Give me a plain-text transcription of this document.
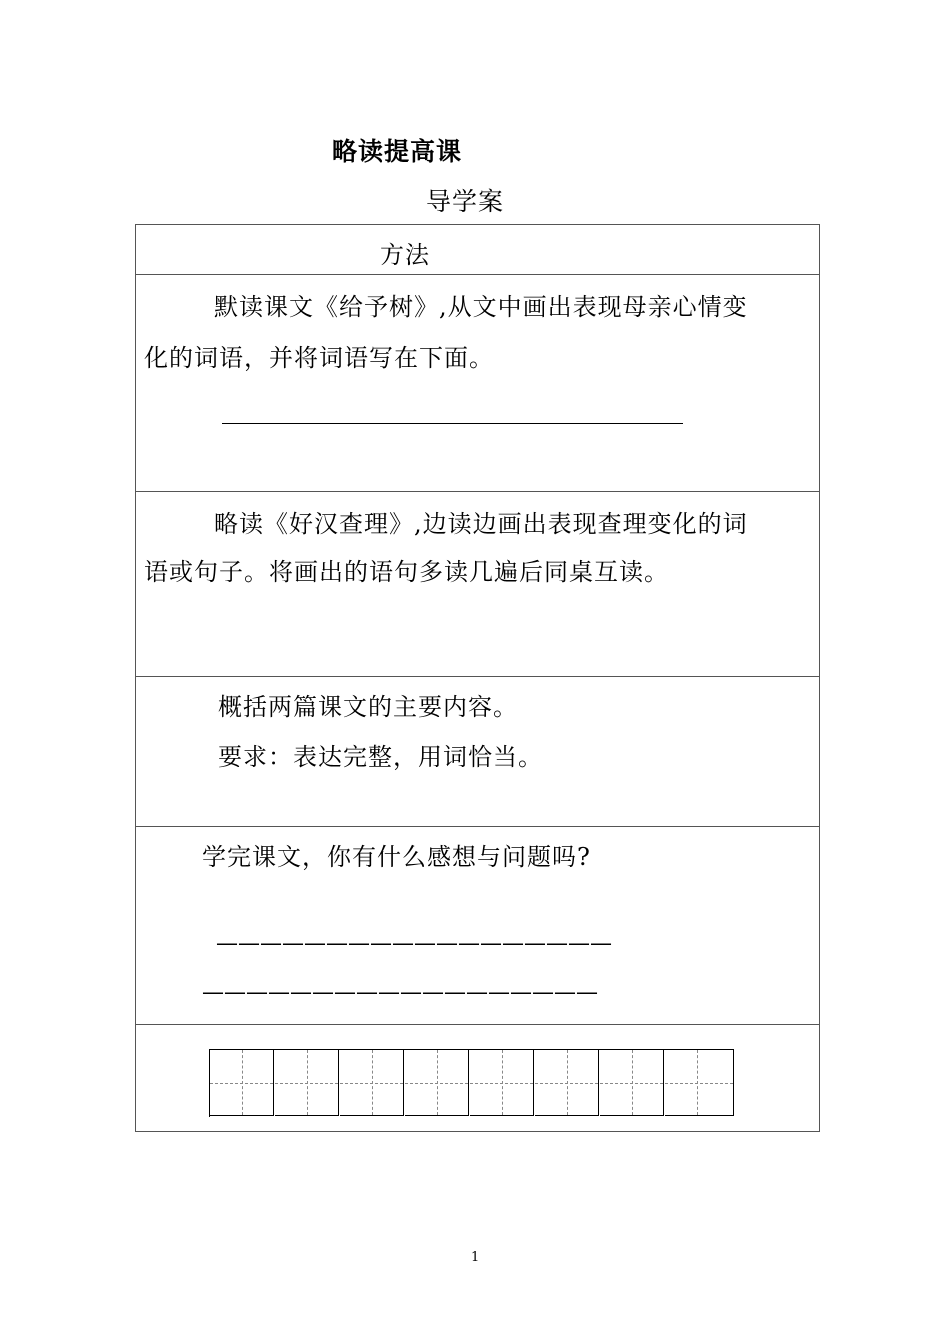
略读提高课
导学案
方法
默读课文《给予树》,从文中画出表现母亲心情变
化的词语，并将词语写在下面。
略读《好汉查理》,边读边画出表现查理变化的词
语或句子。将画出的语句多读几遍后同桌互读。
概括两篇课文的主要内容。
要求：表达完整，用词恰当。
学完课文，你有什么感想与问题吗?
——————————————————
——————————————————
1
